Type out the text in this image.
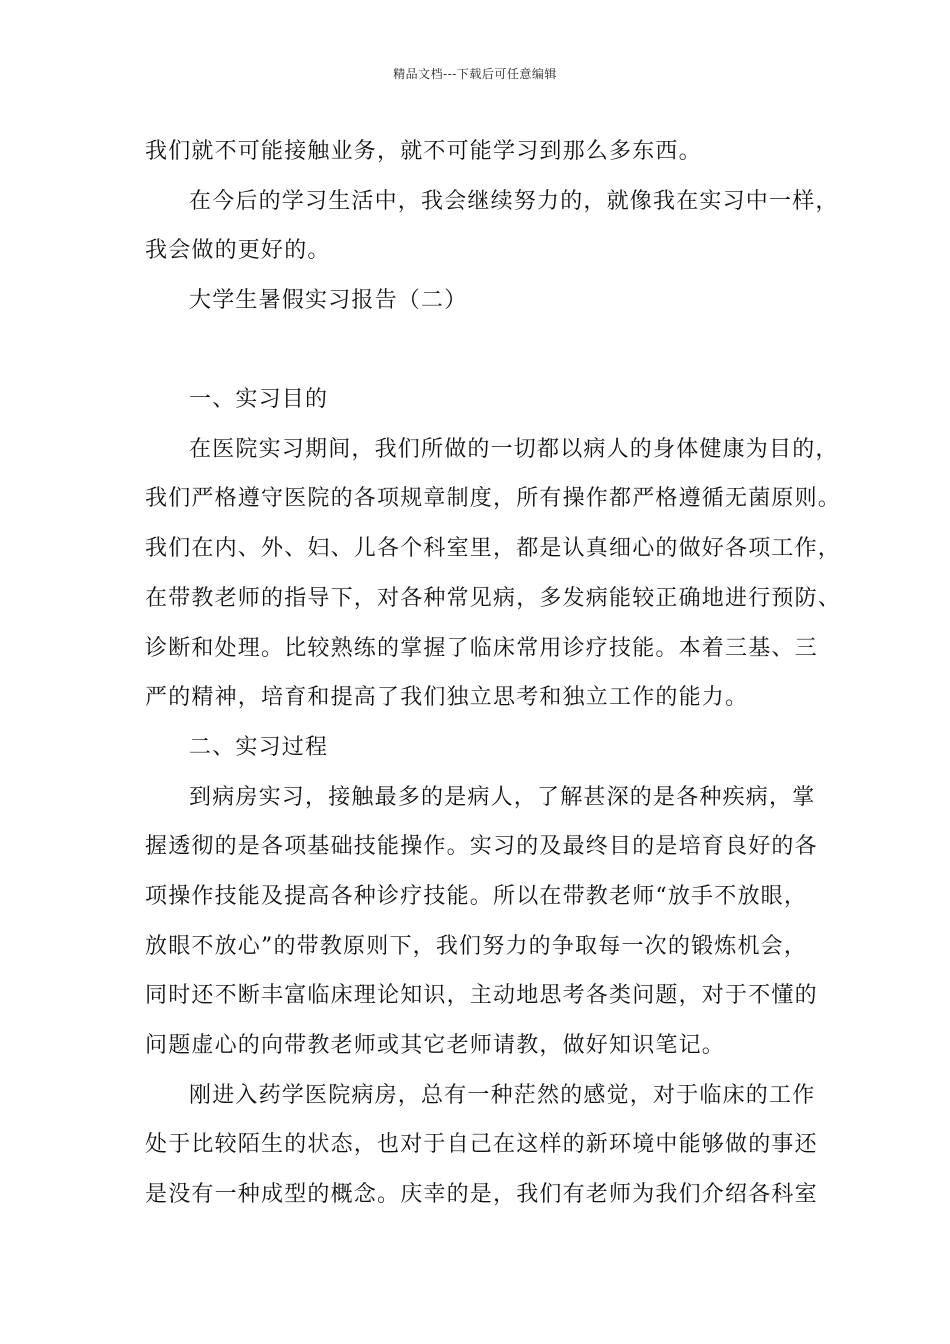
精品文档---下载后可任意编辑
我们就不可能接触业务，就不可能学习到那么多东西。
在今后的学习生活中，我会继续努力的，就像我在实习中一样，
我会做的更好的。
大学生暑假实习报告（二）
一、实习目的
在医院实习期间，我们所做的一切都以病人的身体健康为目的，
我们严格遵守医院的各项规章制度，所有操作都严格遵循无菌原则。
我们在内、外、妇、儿各个科室里，都是认真细心的做好各项工作，
在带教老师的指导下，对各种常见病，多发病能较正确地进行预防、
诊断和处理。比较熟练的掌握了临床常用诊疗技能。本着三基、三
严的精神，培育和提高了我们独立思考和独立工作的能力。
二、实习过程
到病房实习，接触最多的是病人，了解甚深的是各种疾病，掌
握透彻的是各项基础技能操作。实习的及最终目的是培育良好的各
项操作技能及提高各种诊疗技能。所以在带教老师“放手不放眼，
放眼不放心”的带教原则下，我们努力的争取每一次的锻炼机会，
同时还不断丰富临床理论知识，主动地思考各类问题，对于不懂的
问题虚心的向带教老师或其它老师请教，做好知识笔记。
刚进入药学医院病房，总有一种茫然的感觉，对于临床的工作
处于比较陌生的状态，也对于自己在这样的新环境中能够做的事还
是没有一种成型的概念。庆幸的是，我们有老师为我们介绍各科室
